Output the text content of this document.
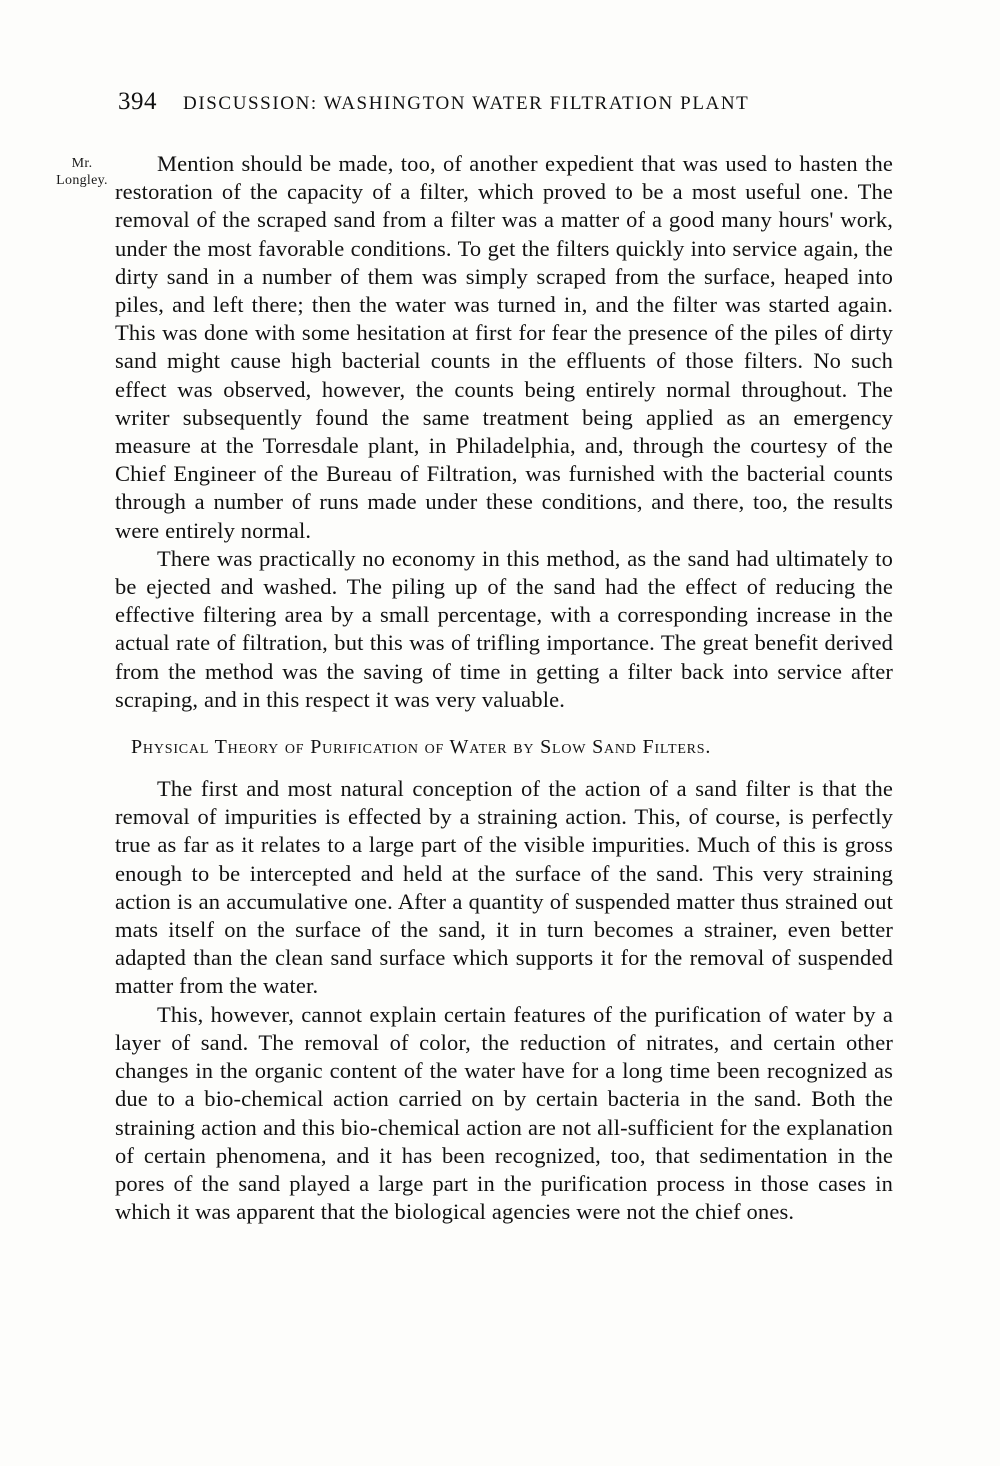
394 DISCUSSION: WASHINGTON WATER FILTRATION PLANT
Mr.
Longley.

Mention should be made, too, of another expedient that was used to hasten the restoration of the capacity of a filter, which proved to be a most useful one. The removal of the scraped sand from a filter was a matter of a good many hours' work, under the most favorable conditions. To get the filters quickly into service again, the dirty sand in a number of them was simply scraped from the surface, heaped into piles, and left there; then the water was turned in, and the filter was started again. This was done with some hesitation at first for fear the presence of the piles of dirty sand might cause high bacterial counts in the effluents of those filters. No such effect was observed, however, the counts being entirely normal throughout. The writer subsequently found the same treatment being applied as an emergency measure at the Torresdale plant, in Philadelphia, and, through the courtesy of the Chief Engineer of the Bureau of Filtration, was furnished with the bacterial counts through a number of runs made under these conditions, and there, too, the results were entirely normal.

There was practically no economy in this method, as the sand had ultimately to be ejected and washed. The piling up of the sand had the effect of reducing the effective filtering area by a small percentage, with a corresponding increase in the actual rate of filtration, but this was of trifling importance. The great benefit derived from the method was the saving of time in getting a filter back into service after scraping, and in this respect it was very valuable.

Physical Theory of Purification of Water by Slow Sand Filters.

The first and most natural conception of the action of a sand filter is that the removal of impurities is effected by a straining action. This, of course, is perfectly true as far as it relates to a large part of the visible impurities. Much of this is gross enough to be intercepted and held at the surface of the sand. This very straining action is an accumulative one. After a quantity of suspended matter thus strained out mats itself on the surface of the sand, it in turn becomes a strainer, even better adapted than the clean sand surface which supports it for the removal of suspended matter from the water.

This, however, cannot explain certain features of the purification of water by a layer of sand. The removal of color, the reduction of nitrates, and certain other changes in the organic content of the water have for a long time been recognized as due to a bio-chemical action carried on by certain bacteria in the sand. Both the straining action and this bio-chemical action are not all-sufficient for the explanation of certain phenomena, and it has been recognized, too, that sedimentation in the pores of the sand played a large part in the purification process in those cases in which it was apparent that the biological agencies were not the chief ones.
